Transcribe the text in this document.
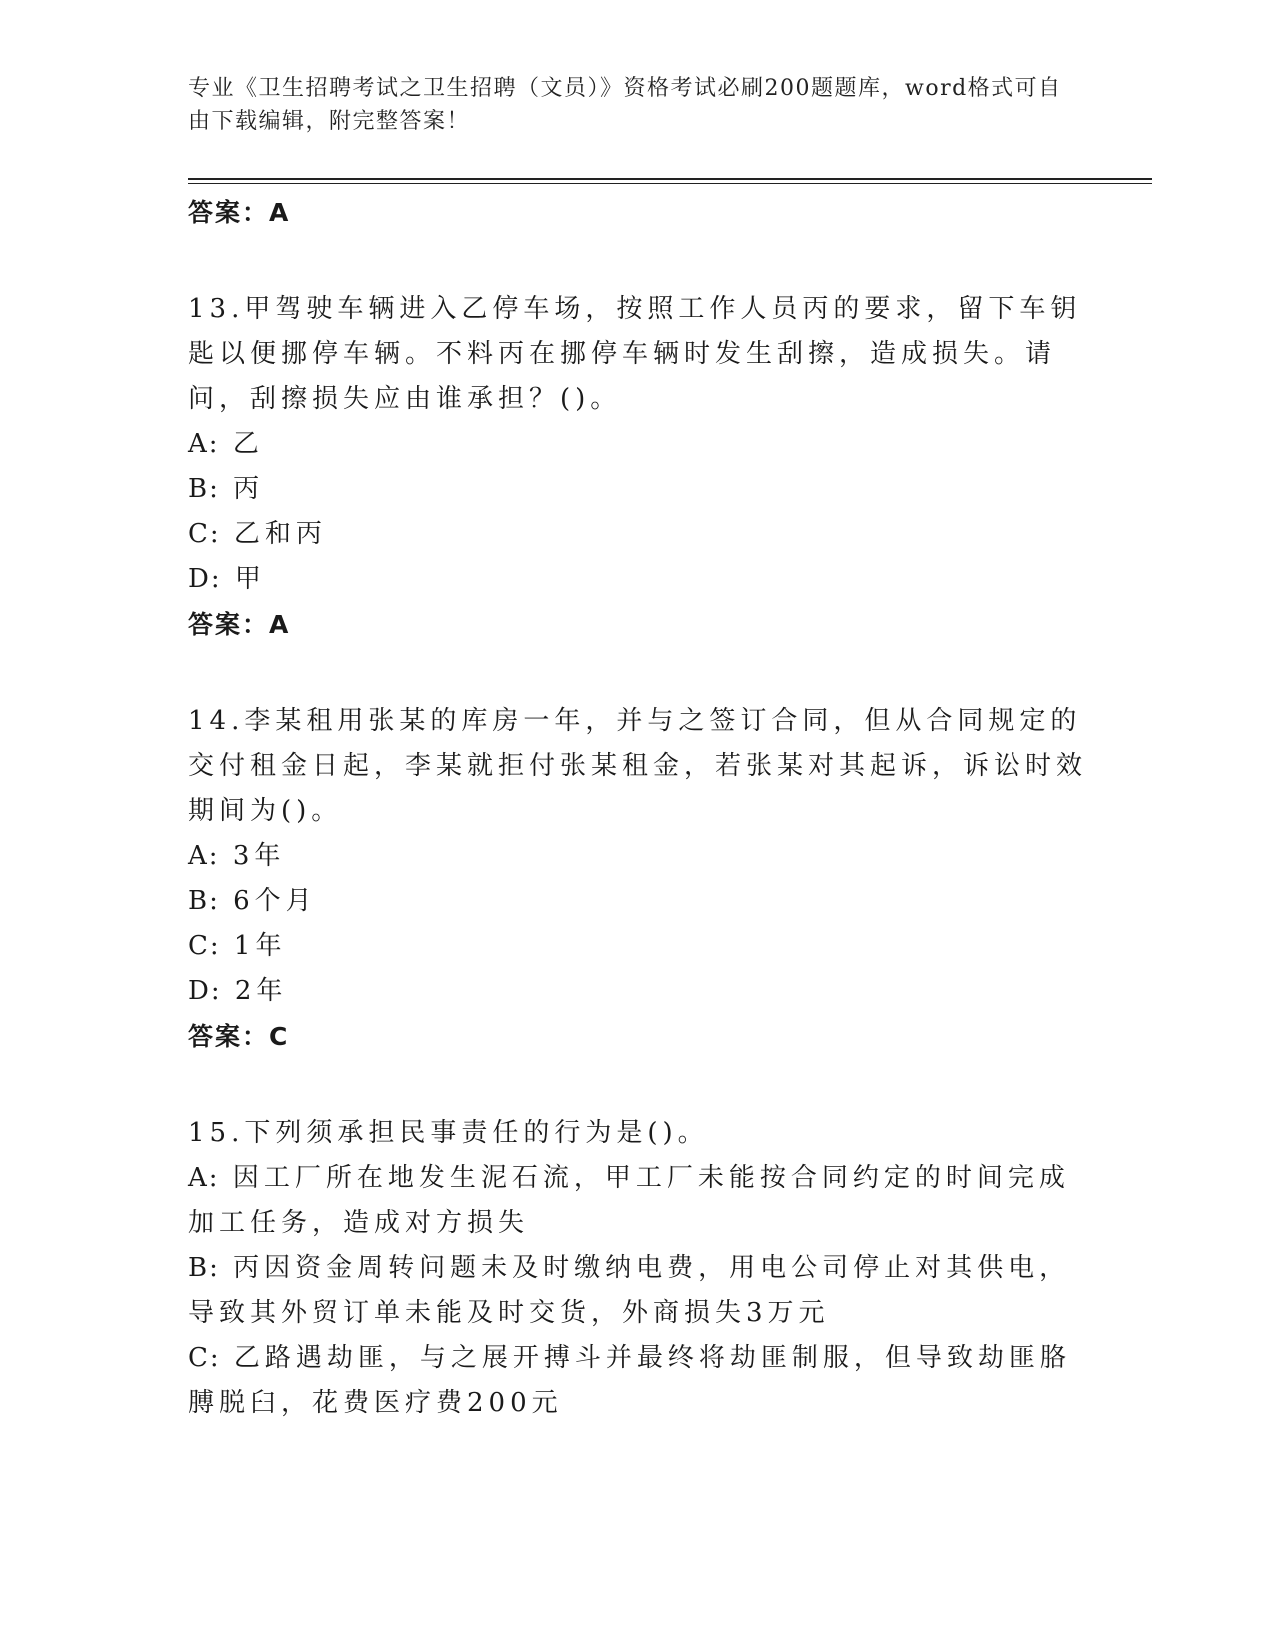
专业《卫生招聘考试之卫生招聘（文员）》资格考试必刷200题题库，word格式可自由下载编辑，附完整答案！
答案：A

13.甲驾驶车辆进入乙停车场，按照工作人员丙的要求，留下车钥匙以便挪停车辆。不料丙在挪停车辆时发生刮擦，造成损失。请问，刮擦损失应由谁承担？()。

A: 乙
B: 丙
C: 乙和丙
D: 甲
答案：A

14.李某租用张某的库房一年，并与之签订合同，但从合同规定的交付租金日起，李某就拒付张某租金，若张某对其起诉，诉讼时效期间为()。

A: 3年
B: 6个月
C: 1年
D: 2年
答案：C

15.下列须承担民事责任的行为是()。

A: 因工厂所在地发生泥石流，甲工厂未能按合同约定的时间完成加工任务，造成对方损失
B: 丙因资金周转问题未及时缴纳电费，用电公司停止对其供电，导致其外贸订单未能及时交货，外商损失3万元
C: 乙路遇劫匪，与之展开搏斗并最终将劫匪制服，但导致劫匪胳膊脱臼，花费医疗费200元
